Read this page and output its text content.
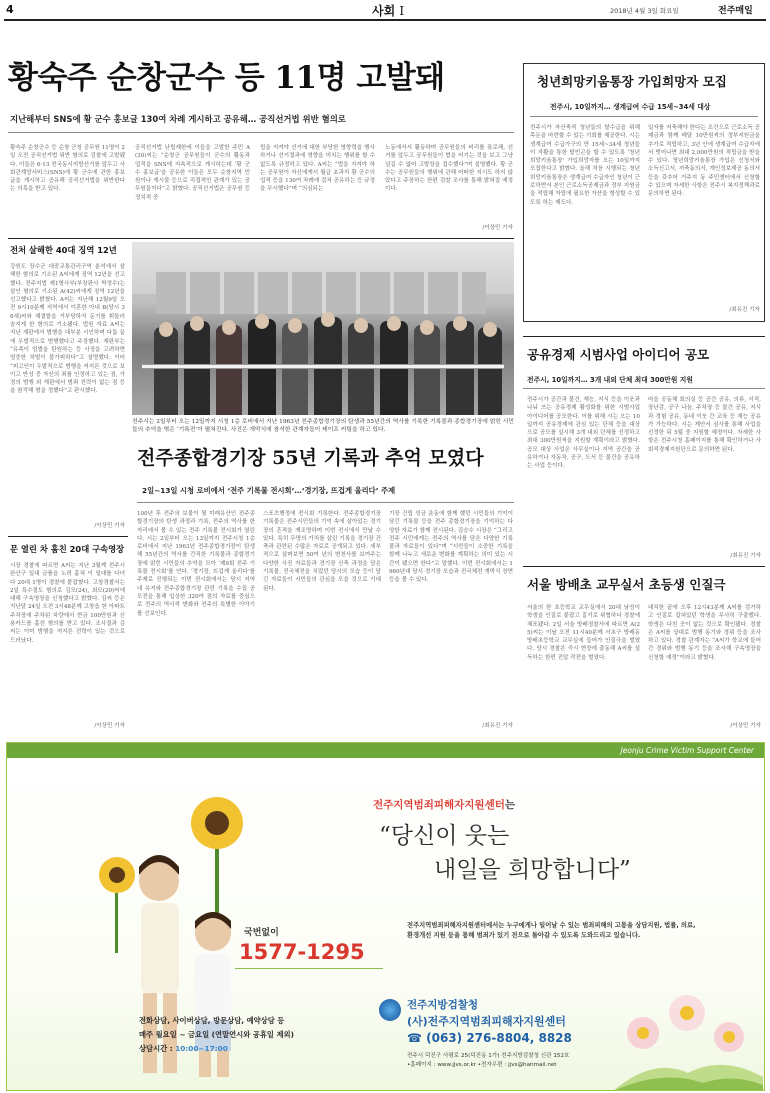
4	사회 I	2018년 4월 3일 화요일	전주매일
황숙주 순창군수 등 11명 고발돼
지난해부터 SNS에 황 군수 홍보글 130여 차례 게시하고 공유해… 공직선거법 위반 혐의로
황숙주 순창군수 등 순창 군청 공무원 11명이 2일 오전 공직선거법 위반 혐의로 검찰에 고발됐다. 이들은 6·13 전국동시지방선거를 앞두고 사회관계망서비스(SNS)에 황 군수에 관한 홍보글을 게시하고 공유해 공직선거법을 위반한다는 의혹을 받고 있다.
공직선거법 난립제한에 이들을 고발한 주민 A(30)씨는 “순창군 공무원들이 군수의 활동과 업적을 SNS에 지속적으로 게시하는데 ‘황 군수 홍보글’을 공유한 이들은 모두 순창지역 민원이나 게시물 등으로 직접적인 관계가 있는 공무원들이다”고 밝혔다. 공직선거법은 공무원 등 정치적 중
립을 지켜야 선거에 대한 부당한 영향력을 행사하거나 선거결과에 영향을 미치는 행위를 할 수 없도록 규정하고 있다. A씨는 “법을 지켜야 하는 공무원이 자신에게서 월급 초과지 황 군수의 업적 등을 130여 차례에 걸쳐 공유하는 등 규정을 무시했다”며 “의심되는
노동에서서 활동하며 공무원들의 비리를 폭로해, 선거를 앞두고 공무원들이 법을 어기는 것을 보고 그냥 넘길 수 없어 고발장을 접수했다”며 설명했다. 황 군수는 공무원들의 행위에 관해 어떠한 지시도 하지 않았다고 주장하는 한편 검찰 조사를 통해 밝혀질 예정이다.
/이상민 기자
전처 살해한 40대 징역 12년
강원도 장수군 대중교통관리구역 분석에서 살해한 혐의로 기소된 A씨에게 징역 12년을 선고했다. 전주지법 제1형사부(부장판사 박정수)는 살인 혐의로 기소된 A(42)씨에게 징역 12년을 선고했다고 밝혔다. A씨는 지난해 12월9일 오전 9시10분께 지역에서 이혼한 아내 B(당시 36세)씨와 재결합을 거부당하자 둔기를 휘둘러 숨지게 한 혐의로 기소됐다. 법원 자료 A씨는 지난 재판에서 범행을 대부분 시인하며 다툼 끝에 우발적으로 범행했다고 주장했다. 재판부는 “유족이 엄벌을 탄원하는 등 사정을 고려하면 엄중한 처벌이 불가피하다”고 설명했다. 이어 “피고인이 우발적으로 범행을 저지른 것으로 보이고 반성 중 자신의 죄를 인정하고 있는 점, 가정의 범행 외 재판에서 범죄 전력이 없는 점 등을 참작해 형을 정했다”고 판시했다.
/이상민 기자
문 열린 차 훔친 20대 구속영장
시장 경찰에 따르면 A씨는 지난 3월께 전주시 완산구 일대 금품을 노려 훔쳐 이 일대를 다녀다 20대 1명이 경찰에 붙잡혔다. 고창경찰서는 2일 특수절도 혐의로 김모(24), 최모(20)씨에 대해 구속영장을 신청했다고 밝혔다. 김씨 등은 지난달 24일 오전 3시48분께 고창읍 한 아파트 주차장에 주차된 차량에서 현금 100만원과 신용카드를 훔친 혐의를 받고 있다. 조사결과 김씨는 이미 범행을 저지른 전력이 있는 것으로 드러났다.
/이상민 기자
전주시는 2일부터 오는 12일까지 시청 1층 로비에서 지난 1963년 전주종합경기장의 탄생과 55년간의 역사를 기록한 기록물과 종합경기장에 얽힌 시민들의 추억을 엮은 ‘기록전’이 펼쳐진다. 사진은 개막식에 참석한 관계자들이 테이프 커팅을 하고 있다.
전주종합경기장 55년 기록과 추억 모였다
2일~13일 시청 로비에서 ‘전주 기록물 전시회’…‘경기장, 뜨겁게 울리다’ 주제
100년 후 전주의 보물이 될 미래유산인 전주종합경기장의 탄생 과정과 기록, 전주의 역사를 한 자리에서 볼 수 있는 전주 기록물 전시회가 열린다. 시는 2일부터 오는 13일까지 전주시청 1층 로비에서 지난 1963년 전주종합경기장이 탄생해 55년간의 역사를 간직한 기록물과 종합경기장에 얽힌 시민들의 추억을 모아 ‘제9회 전주 기록물 전시회’를 연다. ‘경기장, 뜨겁게 울리다’를 주제로 진행되는 이번 전시회에서는 당시 지역 내 유지와 전주종합경기장 관련 기록을 수집 공모전을 통해 입상한 320여 점의 자료를 중심으로 전주의 역사적 변화와 전주의 특별한 이야기를 선보인다.
스포츠행정에 전시회 기록한다. 전주종합경기장 기록물은 전주시민들의 기억 속에 살아있는 경기장의 흔적을 재조명하며 이번 전시에서 만날 수 있다. 특히 무명의 가치를 살린 기록을 경기장 건축과 관련된 수많은 자료로 공개되고 있다. 세부적으로 살펴보면 50여 년의 변천사를 보여주는 다양한 사진 자료들과 경기장 신축 과정을 담은 기록물, 전국체전을 치렀던 당시의 모습 등이 담긴 자료들이 시민들의 관심을 모을 것으로 기대된다.
기장 건립 성금 운동에 함께 했던 시민들의 기억이 담긴 기록물 등을 전주 종합경기장을 기억하는 다양한 자료가 함께 전시된다. 김승수 시장은 “그리고 전주 시민에게는 전주의 역사를 담은 다양한 기록물과 자료들이 있다”며 “시민들이 소중한 기록을 함께 나누고 새로운 변화를 계획하는 의미 있는 시간이 됐으면 한다”고 말했다. 이번 전시회에서는 1960년대 당시 경기장 모습과 전국체전 개막식 장면 등을 볼 수 있다.
/최유진 기자
청년희망키움통장 가입희망자 모집
전주시, 10일까지… 생계급여 수급 15세~34세 대상
전주시가 자산축적 청년들의 탈수급을 위해 목돈을 마련할 수 있는 기회를 제공한다. 시는 생계급여 수급가구의 만 15세~34세 청년들이 자활을 통한 탈빈곤을 할 수 있도록 ‘청년희망키움통장’ 가입희망자를 오는 10일까지 모집한다고 밝혔다. 올해 처음 시행되는 청년희망키움통장은 생계급여 수급자인 청년이 근로하면서 본인 근로소득공제금과 정부 지원금을 적립해 자립에 필요한 자산을 형성할 수 있도록 하는 제도다.
일자를 저축해야 한다는 조건으로 근로소득 공제금과 함께 매달 10만원씩의 정부지원금을 추가로 적립하고, 3년 안에 생계급여 수급자에서 벗어나면 최대 2,000만원의 적립금을 받을 수 있다. 청년희망키움통장 가입은 신청서와 소득신고서, 저축동의서, 개인정보제공 동의서 등을 갖추어 거주지 동 주민센터에서 신청할 수 있으며 자세한 사항은 전주시 복지정책과로 문의하면 된다.
/최유진 기자
공유경제 시범사업 아이디어 공모
전주시, 10일까지… 3개 내외 단체 최대 300만원 지원
전주시가 공간과 물건, 재능, 지식 등을 이웃과 나눠 쓰는 공유경제 활성화를 위한 시범사업 아이디어를 공모한다. 이를 위해 시는 오는 10일까지 공유경제에 관심 있는 단체 등을 대상으로 공모를 실시해 3개 내외 단체를 선정하고 최대 300만원씩을 지원할 계획이라고 밝혔다. 공모 대상 사업은 사무실이나 지역 공간을 공유하거나 자동차, 공구, 도서 등 물건을 공유하는 사업 등이다.
마을 공동체 회의실 등 공간 공유, 의류, 서적, 장난감, 공구 나눔, 주차장 등 물건 공유, 지식과 경험 공유, 동네 이웃 간 교육 등 재능 공유가 가능하다. 시는 제안서 심사를 통해 사업을 선정한 뒤 5월 중 지원할 예정이다. 자세한 사항은 전주시청 홈페이지를 통해 확인하거나 사회적경제지원단으로 문의하면 된다.
/최유진 기자
서울 방배초 교무실서 초등생 인질극
서울의 한 초등학교 교무실에서 20대 남성이 학생을 인질로 붙잡고 흉기로 위협하다 경찰에 체포됐다. 2일 서울 방배경찰서에 따르면 A(25)씨는 이날 오전 11시40분께 서초구 방배동 방배초등학교 교무실에 들어가 인질극을 벌였다. 당시 경찰은 즉시 현장에 출동해 A씨를 설득하는 한편 진압 작전을 벌였다.
대치한 끝에 오후 12시43분께 A씨를 검거하고 인질로 잡혀있던 학생을 무사히 구출했다. 학생은 다친 곳이 없는 것으로 확인됐다. 경찰은 A씨를 상대로 범행 동기와 경위 등을 조사하고 있다. 경찰 관계자는 “A씨가 학교에 들어간 경위와 범행 동기 등을 조사해 구속영장을 신청할 예정”이라고 밝혔다.
/이상민 기자
Jeonju Crime Victim Support Center
국번없이
1577-1295
전주지역범죄피해자지원센터는
“당신이 웃는
내일을 희망합니다”
전주지역범죄피해자지원센터에서는 누구에게나 일어날 수 있는 범죄피해의 고통을 상담지원, 법률, 의료, 환경개선 지원 등을 통해 범죄가 있기 전으로 돌아갈 수 있도록 도와드리고 있습니다.
전화상담, 사이버상담, 방문상담, 예약상담 등
매주 월요일 ~ 금요일 (연말연시와 공휴일 제외)
상담시간 : 10:00~17:00
전주지방검찰청
(사)전주지역범죄피해자지원센터
☎ (063) 276-8804, 8828
전주시 덕진구 사평로 25(덕진동 1가) 전주지방검찰청 신관 152호
•홈페이지 : www.jjvs.or.kr •전자우편 : jjvs@hanmail.net
